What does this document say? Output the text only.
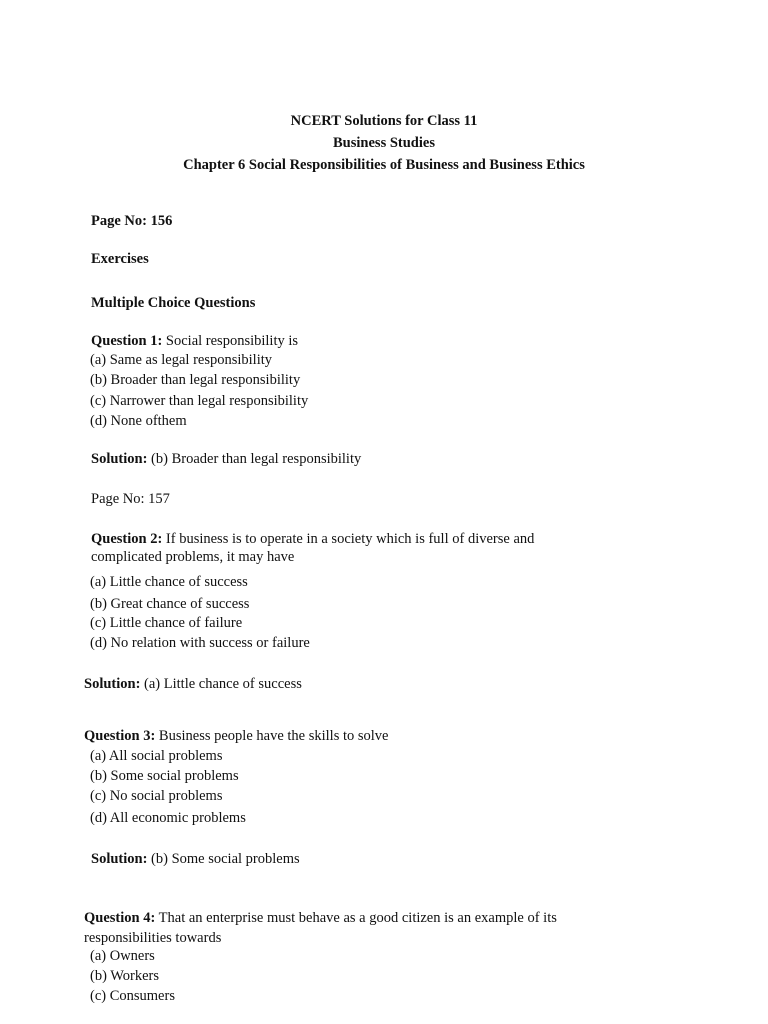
NCERT Solutions for Class 11
Business Studies
Chapter 6 Social Responsibilities of Business and Business Ethics
Page No: 156
Exercises
Multiple Choice Questions
Question 1: Social responsibility is
(a) Same as legal responsibility
(b) Broader than legal responsibility
(c) Narrower than legal responsibility
(d) None ofthem
Solution: (b) Broader than legal responsibility
Page No: 157
Question 2: If business is to operate in a society which is full of diverse and
complicated problems, it may have
(a) Little chance of success
(b) Great chance of success
(c) Little chance of failure
(d) No relation with success or failure
Solution: (a) Little chance of success
Question 3: Business people have the skills to solve
(a) All social problems
(b) Some social problems
(c) No social problems
(d) All economic problems
Solution: (b) Some social problems
Question 4: That an enterprise must behave as a good citizen is an example of its
responsibilities towards
(a) Owners
(b) Workers
(c) Consumers
